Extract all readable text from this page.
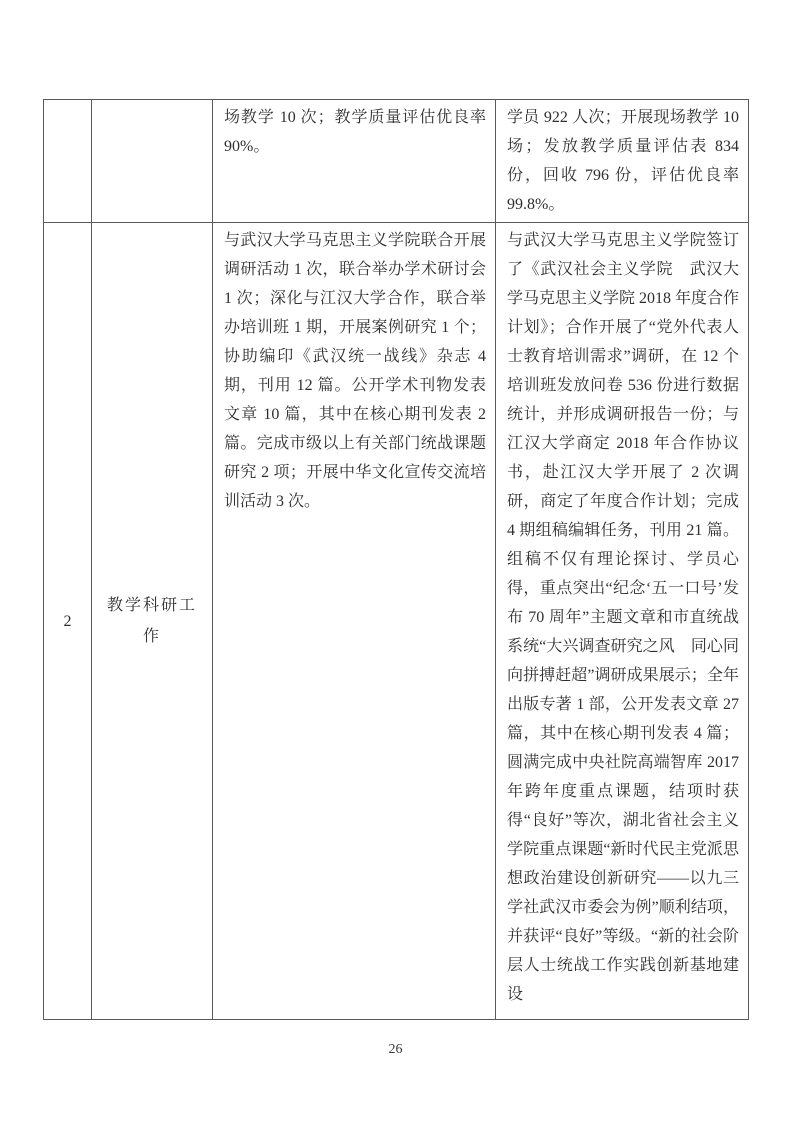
		场教学 10 次；教学质量评估优良率 90%。	学员 922 人次；开展现场教学 10 场；发放教学质量评估表 834 份，回收 796 份，评估优良率 99.8%。
2	教学科研工作	与武汉大学马克思主义学院联合开展调研活动 1 次，联合举办学术研讨会 1 次；深化与江汉大学合作，联合举办培训班 1 期，开展案例研究 1 个；协助编印《武汉统一战线》杂志 4 期，刊用 12 篇。公开学术刊物发表文章 10 篇，其中在核心期刊发表 2 篇。完成市级以上有关部门统战课题研究 2 项；开展中华文化宣传交流培训活动 3 次。	与武汉大学马克思主义学院签订了《武汉社会主义学院　武汉大学马克思主义学院 2018 年度合作计划》；合作开展了“党外代表人士教育培训需求”调研，在 12 个培训班发放问卷 536 份进行数据统计，并形成调研报告一份；与江汉大学商定 2018 年合作协议书，赴江汉大学开展了 2 次调研，商定了年度合作计划；完成 4 期组稿编辑任务，刊用 21 篇。组稿不仅有理论探讨、学员心得，重点突出“纪念‘五一口号’发布 70 周年”主题文章和市直统战系统“大兴调查研究之风　同心同向拼搏赶超”调研成果展示；全年出版专著 1 部，公开发表文章 27 篇，其中在核心期刊发表 4 篇；圆满完成中央社院高端智库 2017 年跨年度重点课题，结项时获得“良好”等次，湖北省社会主义学院重点课题“新时代民主党派思想政治建设创新研究——以九三学社武汉市委会为例”顺利结项，并获评“良好”等级。“新的社会阶层人士统战工作实践创新基地建设
26
